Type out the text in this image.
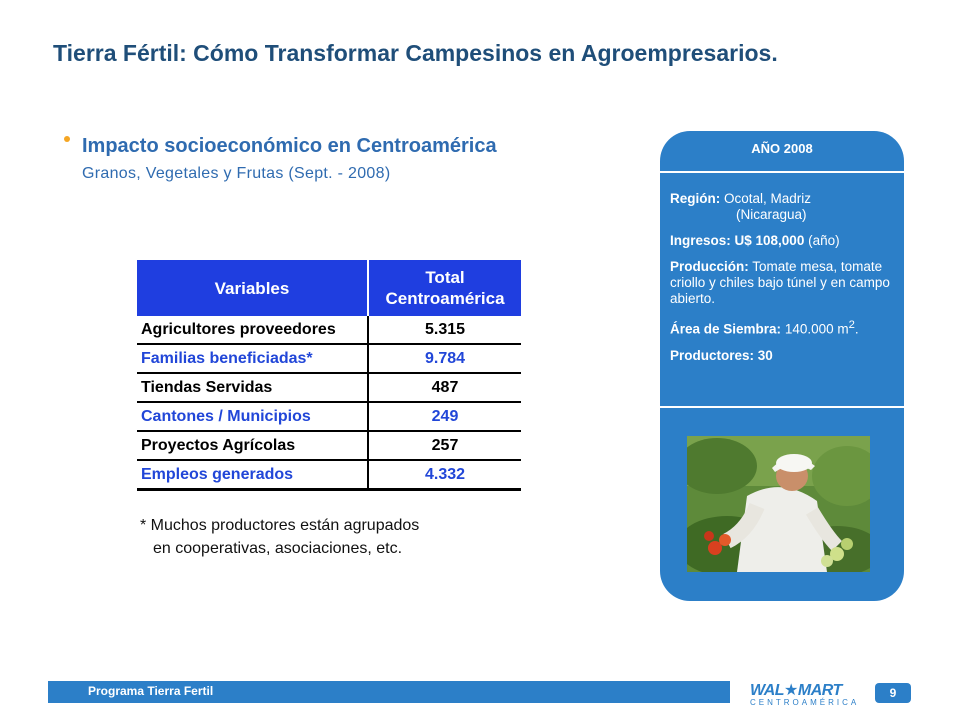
Tierra Fértil: Cómo Transformar Campesinos en Agroempresarios.
Impacto socioeconómico en Centroamérica
Granos, Vegetales y Frutas (Sept. - 2008)
Variables	Total
Centroamérica

Agricultores proveedores	5.315
Familias beneficiadas*	9.784
Tiendas Servidas	487
Cantones / Municipios	249
Proyectos Agrícolas	257
Empleos generados	4.332
* Muchos productores están agrupados
en cooperativas, asociaciones, etc.
AÑO 2008

Región: Ocotal, Madriz
(Nicaragua)

Ingresos: U$ 108,000 (año)

Producción: Tomate mesa, tomate criollo y chiles bajo túnel y en campo abierto.

Área de Siembra: 140.000 $m^2$.

Productores: 30

Programa Tierra Fertil	WAL★MART
CENTROAMÉRICA
9
